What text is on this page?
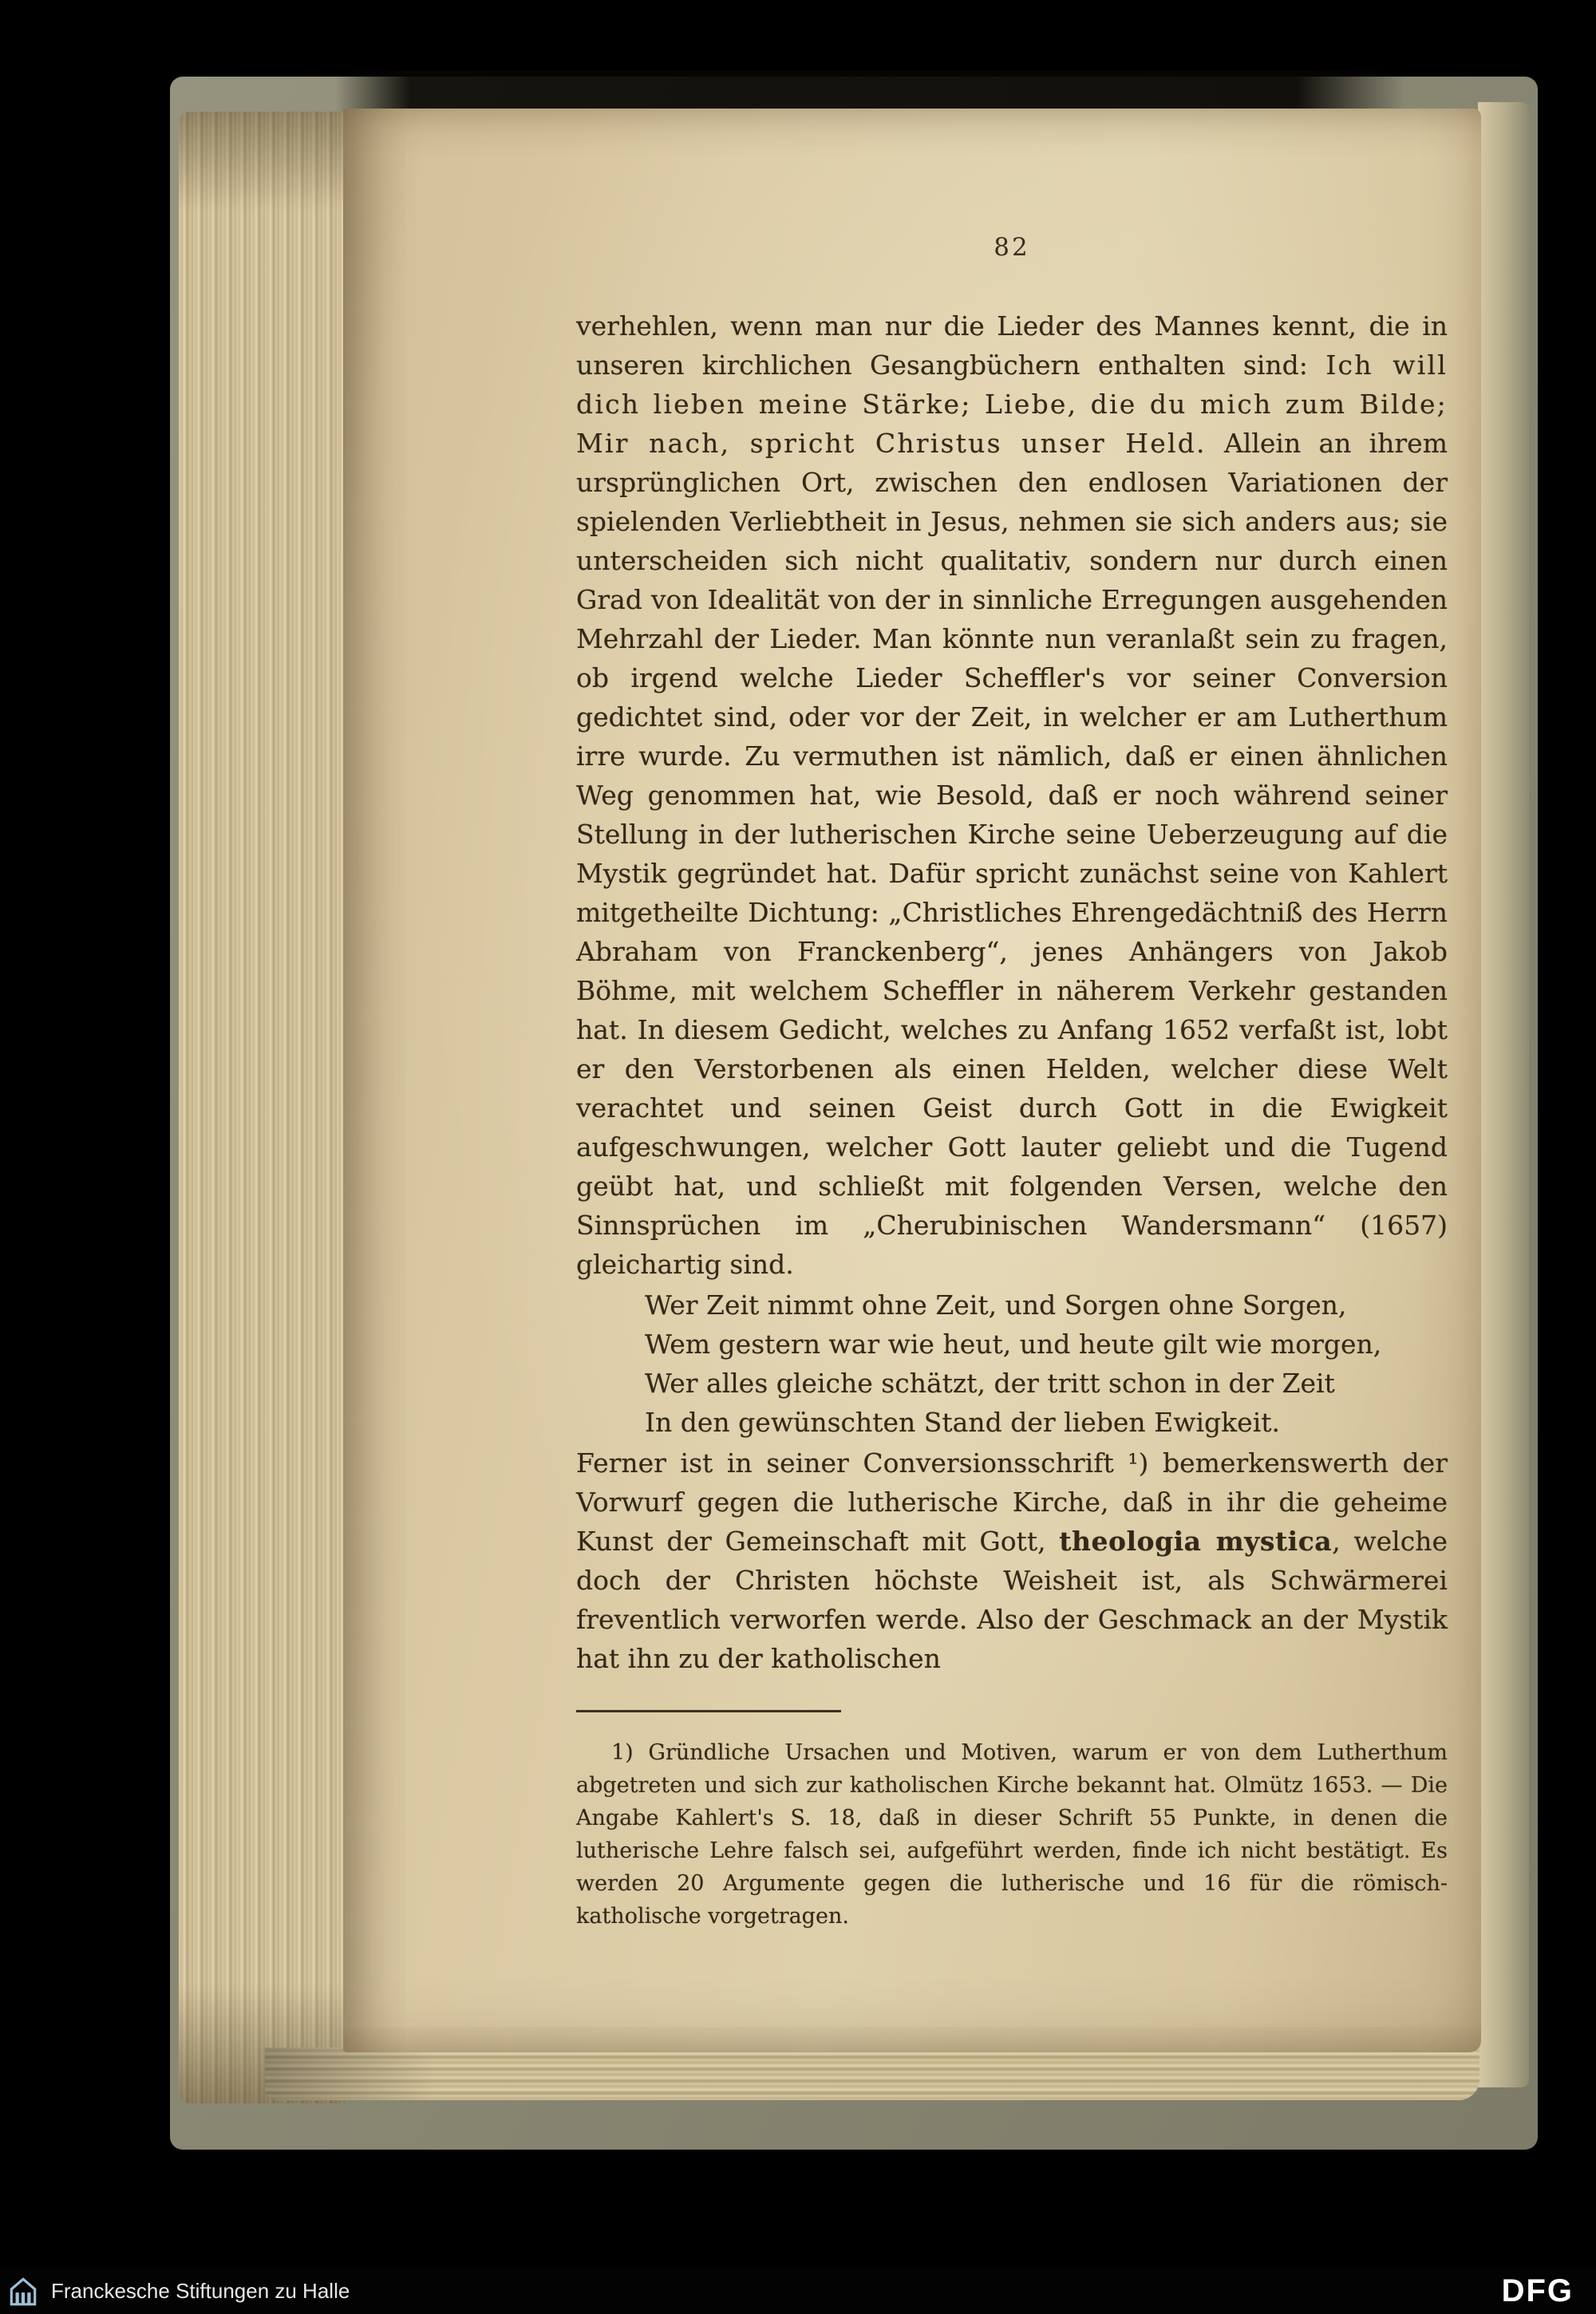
82

verhehlen, wenn man nur die Lieder des Mannes kennt, die in unseren kirchlichen Gesangbüchern enthalten sind: Ich will dich lieben meine Stärke; Liebe, die du mich zum Bilde; Mir nach, spricht Christus unser Held. Allein an ihrem ursprünglichen Ort, zwischen den endlosen Variationen der spielenden Verliebtheit in Jesus, nehmen sie sich anders aus; sie unterscheiden sich nicht qualitativ, sondern nur durch einen Grad von Idealität von der in sinnliche Erregungen ausgehenden Mehrzahl der Lieder. Man könnte nun veranlaßt sein zu fragen, ob irgend welche Lieder Scheffler's vor seiner Conversion gedichtet sind, oder vor der Zeit, in welcher er am Lutherthum irre wurde. Zu vermuthen ist nämlich, daß er einen ähnlichen Weg genommen hat, wie Besold, daß er noch während seiner Stellung in der lutherischen Kirche seine Ueberzeugung auf die Mystik gegründet hat. Dafür spricht zunächst seine von Kahlert mitgetheilte Dichtung: „Christliches Ehrengedächtniß des Herrn Abraham von Franckenberg“, jenes Anhängers von Jakob Böhme, mit welchem Scheffler in näherem Verkehr gestanden hat. In diesem Gedicht, welches zu Anfang 1652 verfaßt ist, lobt er den Verstorbenen als einen Helden, welcher diese Welt verachtet und seinen Geist durch Gott in die Ewigkeit aufgeschwungen, welcher Gott lauter geliebt und die Tugend geübt hat, und schließt mit folgenden Versen, welche den Sinnsprüchen im „Cherubinischen Wandersmann“ (1657) gleichartig sind.

Wer Zeit nimmt ohne Zeit, und Sorgen ohne Sorgen,
Wem gestern war wie heut, und heute gilt wie morgen,
Wer alles gleiche schätzt, der tritt schon in der Zeit
In den gewünschten Stand der lieben Ewigkeit.

Ferner ist in seiner Conversionsschrift ¹) bemerkenswerth der Vorwurf gegen die lutherische Kirche, daß in ihr die geheime Kunst der Gemeinschaft mit Gott, theologia mystica, welche doch der Christen höchste Weisheit ist, als Schwärmerei freventlich verworfen werde. Also der Geschmack an der Mystik hat ihn zu der katholischen

1) Gründliche Ursachen und Motiven, warum er von dem Lutherthum abgetreten und sich zur katholischen Kirche bekannt hat. Olmütz 1653. — Die Angabe Kahlert's S. 18, daß in dieser Schrift 55 Punkte, in denen die lutherische Lehre falsch sei, aufgeführt werden, finde ich nicht bestätigt. Es werden 20 Argumente gegen die lutherische und 16 für die römisch-katholische vorgetragen.

Franckesche Stiftungen zu Halle	DFG
